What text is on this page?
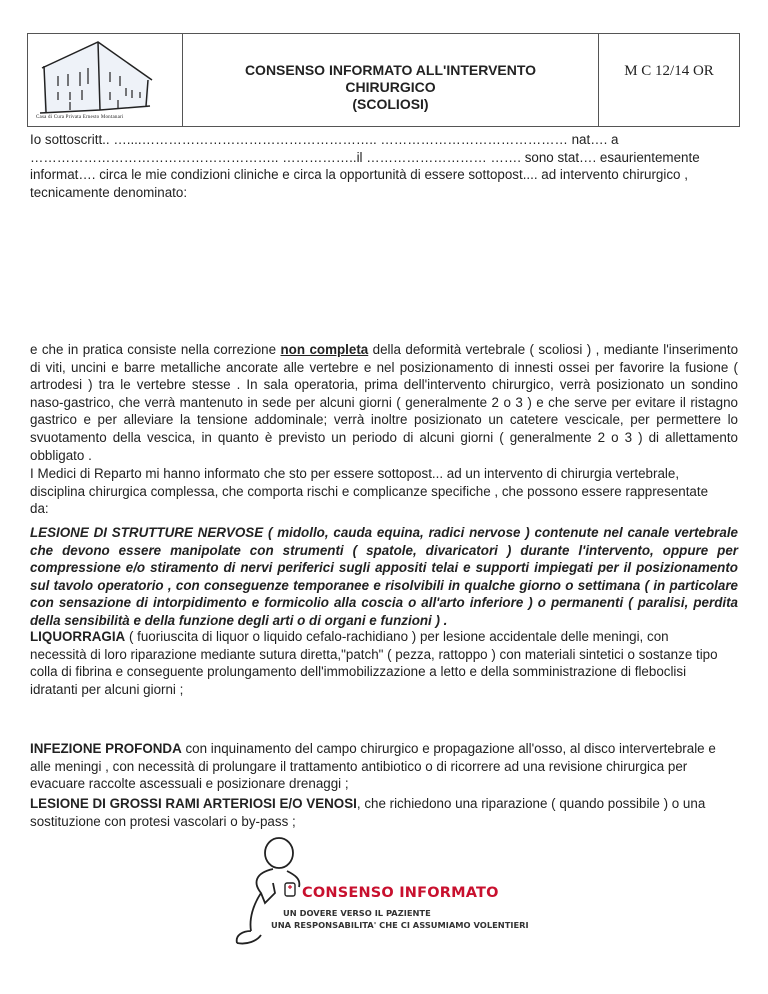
Casa di Cura Privata Ernesto Montanari
CONSENSO INFORMATO ALL'INTERVENTO
CHIRURGICO
(SCOLIOSI)
M C 12/14 OR

Io sottoscritt.. …....…………………………………………….. …………………………………… nat…. a ……………………………………………….. ……………..il ……………………… ……. sono stat…. esaurientemente informat…. circa le mie condizioni cliniche e circa la opportunità di essere sottopost.... ad intervento chirurgico , tecnicamente denominato:

e che in pratica consiste nella correzione non completa della deformità vertebrale ( scoliosi ) , mediante l'inserimento di viti, uncini e barre metalliche ancorate alle vertebre e nel posizionamento di innesti ossei per favorire la fusione ( artrodesi ) tra le vertebre stesse . In sala operatoria, prima dell'intervento chirurgico, verrà posizionato un sondino naso-gastrico, che verrà mantenuto in sede per alcuni giorni ( generalmente 2 o 3 ) e che serve per evitare il ristagno gastrico e per alleviare la tensione addominale; verrà inoltre posizionato un catetere vescicale, per permettere lo svuotamento della vescica, in quanto è previsto un periodo di alcuni giorni ( generalmente 2 o 3 ) di allettamento obbligato .

I Medici di Reparto mi hanno informato che sto per essere sottopost... ad un intervento di chirurgia vertebrale, disciplina chirurgica complessa, che comporta rischi e complicanze specifiche , che possono essere rappresentate da:

LESIONE DI STRUTTURE NERVOSE ( midollo, cauda equina, radici nervose ) contenute nel canale vertebrale che devono essere manipolate con strumenti ( spatole, divaricatori ) durante l'intervento, oppure per compressione e/o stiramento di nervi periferici sugli appositi telai e supporti impiegati per il posizionamento sul tavolo operatorio , con conseguenze temporanee e risolvibili in qualche giorno o settimana ( in particolare con sensazione di intorpidimento e formicolio alla coscia o all'arto inferiore ) o permanenti ( paralisi, perdita della sensibilità e della funzione degli arti o di organi e funzioni ) .

LIQUORRAGIA ( fuoriuscita di liquor o liquido cefalo-rachidiano ) per lesione accidentale delle meningi, con necessità di loro riparazione mediante sutura diretta,"patch" ( pezza, rattoppo ) con materiali sintetici o sostanze tipo colla di fibrina e conseguente prolungamento dell'immobilizzazione a letto e della somministrazione di fleboclisi idratanti per alcuni giorni ;

INFEZIONE PROFONDA con inquinamento del campo chirurgico e propagazione all'osso, al disco intervertebrale e alle meningi , con necessità di prolungare il trattamento antibiotico o di ricorrere ad una revisione chirurgica per evacuare raccolte ascessuali e posizionare drenaggi ;

LESIONE DI GROSSI RAMI ARTERIOSI E/O VENOSI, che richiedono una riparazione ( quando possibile ) o una sostituzione con protesi vascolari o by-pass ;

CONSENSO INFORMATO
UN DOVERE VERSO IL PAZIENTE
UNA RESPONSABILITA' CHE CI ASSUMIAMO VOLENTIERI
